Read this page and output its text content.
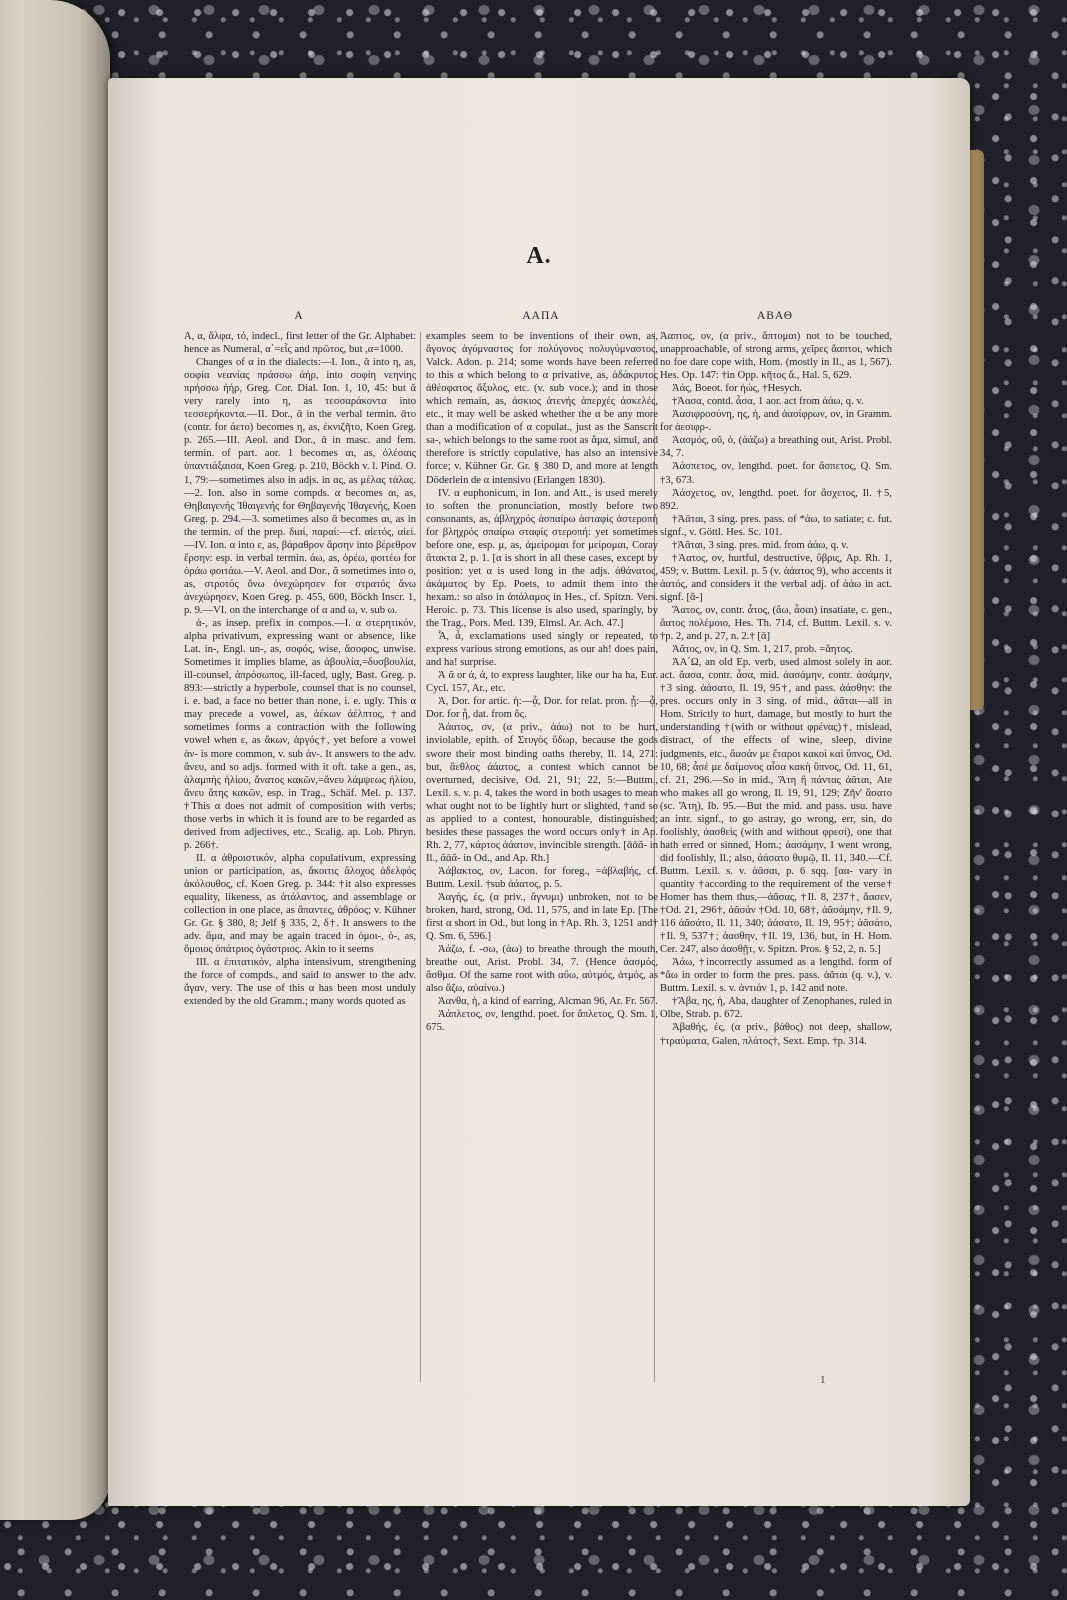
A.
A	ΑΑΠΑ	ΑΒΑΘ

Α, α, ἄλφα, τό, indecl., first letter of the Gr. Alphabet: hence as Numeral, α΄=εἷς and πρῶτος, but ,α=1000.

Changes of α in the dialects:—I. Ion., ᾱ into η, as, σοφία νεανίας πράσσω ἀήρ, into σοφίη νεηνίης πρήσσω ἠήρ, Greg. Cor. Dial. Ion. 1, 10, 45: but ᾰ very rarely into η, as τεσσαράκοντα into τεσσερήκοντα.—II. Dor., ᾱ in the verbal termin. ᾱτο (contr. for άετο) becomes η, as, ἐκνιζῆτο, Koen Greg. p. 265.—III. Aeol. and Dor., ᾱ in masc. and fem. termin. of part. aor. 1 becomes αι, as, ὀλέσαις ὑπαντιάξαισα, Koen Greg. p. 210, Böckh v. l. Pind. O. 1, 79:—sometimes also in adjs. in ας, as μέλας τάλας.—2. Ion. also in some compds. α becomes αι, as, Θηβαιγενής Ἰθαιγενής for Θηβαγενής Ἰθαγενής, Koen Greg. p. 294.—3. sometimes also ᾱ becomes αι, as in the termin. of the prep. διαί, παραί:—cf. αἰετός, αἰεί.—IV. Ion. α into ε, as, βάραθρον ἄρσην into βέρεθρον ἔρσην: esp. in verbal termin. άω, as, ὁρέω, φοιτέω for ὁράω φοιτάω.—V. Aeol. and Dor., ᾰ sometimes into ο, as, στροτός ὄνω ὀνεχώρησεν for στρατός ἄνω ἀνεχώρησεν, Koen Greg. p. 455, 600, Böckh Inscr. 1, p. 9.—VI. on the interchange of α and ω, v. sub ω.

ἀ-, as insep. prefix in compos.—I. α στερητικόν, alpha privativum, expressing want or absence, like Lat. in-, Engl. un-, as, σοφός, wise, ἄσοφος, unwise. Sometimes it implies blame, as ἀβουλία,=δυσβουλία, ill-counsel, ἀπρόσωπος, ill-faced, ugly, Bast. Greg. p. 893:—strictly a hyperbole, counsel that is no counsel, i. e. bad, a face no better than none, i. e. ugly. This α may precede a vowel, as, ἀέκων ἀέλπτος, †and sometimes forms a contraction with the following vowel when ε, as ἄκων, ἀργός†, yet before a vowel ἀν- is more common, v. sub ἀν-. It answers to the adv. ἄνευ, and so adjs. formed with it oft. take a gen., as, ἀλαμπὴς ἡλίου, ἄνατος κακῶν,=ἄνευ λάμψεως ἡλίου, ἄνευ ἄτης κακῶν, esp. in Trag., Schäf. Mel. p. 137. †This α does not admit of composition with verbs; those verbs in which it is found are to be regarded as derived from adjectives, etc., Scalig. ap. Lob. Phryn. p. 266†.

II. α ἀθροιστικόν, alpha copulativum, expressing union or participation, as, ἄκοιτις ἄλοχος ἀδελφός ἀκόλουθος, cf. Koen Greg. p. 344: †it also expresses equality, likeness, as ἀτάλαντος, and assemblage or collection in one place, as ἅπαντες, ἀθρόος; v. Kühner Gr. Gr. § 380, 8; Jelf § 335, 2, δ†. It answers to the adv. ἅμα, and may be again traced in ὁμοι-, ὁ-, as, ὅμοιος ὀπάτριος ὀγάστριος. Akin to it seems

III. α ἐπιτατικόν, alpha intensivum, strengthening the force of compds., and said to answer to the adv. ἄγαν, very. The use of this α has been most unduly extended by the old Gramm.; many words quoted as

examples seem to be inventions of their own, as, ἄγονος ἀγύμναστος for πολύγονος πολυγύμναστος, Valck. Adon. p. 214; some words have been referred to this α which belong to α privative, as, ἀδάκρυτος ἀθέσφατος ἄξυλος, etc. (v. sub voce.); and in those which remain, as, ἀσκιος ἀτενής ἀπερχές ἀσκελές, etc., it may well be asked whether the α be any more than a modification of α copulat., just as the Sanscrit sa-, which belongs to the same root as ἅμα, simul, and therefore is strictly copulative, has also an intensive force; v. Kühner Gr. Gr. § 380 D, and more at length Döderlein de α intensivo (Erlangen 1830).

IV. α euphonicum, in Ion. and Att., is used merely to soften the pronunciation, mostly before two consonants, as, ἀβληχρός ἀσπαίρω ἀσταφίς ἀστεροπή for βληχρός σπαίρω σταφίς στεροπή: yet sometimes before one, esp. μ, as, ἀμείρομαι for μείρομαι, Coray ἄτακτα 2, p. 1. [α is short in all these cases, except by position: yet α is used long in the adjs. ἀθάνατος, ἀκάματος by Ep. Poets, to admit them into the hexam.: so also in ἀπάλαμος in Hes., cf. Spitzn. Vers. Heroic. p. 73. This license is also used, sparingly, by the Trag., Pors. Med. 139, Elmsl. Ar. Ach. 47.]

Ἆ, ἆ, exclamations used singly or repeated, to express various strong emotions, as our ah! does pain, and ha! surprise.

Ἀ ᾶ or ἀ, ἀ, to express laughter, like our ha ha, Eur. Cycl. 157, Ar., etc.

Ἁ, Dor. for artic. ἡ:—ᾇ, Dor. for relat. pron. ᾗ:—ᾇ, Dor. for ᾗ, dat. from ὅς.

Ἀάατος, ον, (α priv., ἀάω) not to be hurt, inviolable, epith. of Στυγὸς ὕδωρ, because the gods swore their most binding oaths thereby, Il. 14, 271: but, ἄεθλος ἀάατος, a contest which cannot be overturned, decisive, Od. 21, 91; 22, 5:—Buttm., Lexil. s. v. p. 4, takes the word in both usages to mean what ought not to be lightly hurt or slighted, †and so as applied to a contest, honourable, distinguished; besides these passages the word occurs only† in Ap. Rh. 2, 77, κάρτος ἀάατον, invincible strength. [ᾱᾱᾰ- in Il., ᾰᾱᾰ- in Od., and Ap. Rh.]

Ἀάβακτος, ον, Lacon. for foreg., =ἀβλαβής, cf. Buttm. Lexil. †sub ἀάατος, p. 5.

Ἀαγής, ές, (α priv., ἄγνυμι) unbroken, not to be broken, hard, strong, Od. 11, 575, and in late Ep. [The first α short in Od., but long in †Ap. Rh. 3, 1251 and† Q. Sm. 6, 596.]

Ἀάζω, f. -σω, (ἀω) to breathe through the mouth, breathe out, Arist. Probl. 34, 7. (Hence ἀασμός, ἄσθμα. Of the same root with αὔω, αὐτμός, ἀτμός, as also ἄζω, αὐαίνω.)

Ἀανθα, ἡ, a kind of earring, Alcman 96, Ar. Fr. 567.

Ἀάπλετος, ον, lengthd. poet. for ἄπλετος, Q. Sm. 1, 675.

Ἀαπτος, ον, (α priv., ἅπτομαι) not to be touched, unapproachable, of strong arms, χεῖρες ἄαπτοι, which no foe dare cope with, Hom. (mostly in Il., as 1, 567). Hes. Op. 147: †in Opp. κῆτος ἄ., Hal. 5, 629.

Ἀάς, Boeot. for ἠώς, †Hesych.

†Ἀασα, contd. ἆσα, 1 aor. act from ἀάω, q. v.

Ἀασιφροσύνη, ης, ἡ, and ἀασίφρων, ον, in Gramm. for ἀεσιφρ-.

Ἀασμός, οῦ, ὁ, (ἀάζω) a breathing out, Arist. Probl. 34, 7.

Ἀάσπετος, ον, lengthd. poet. for ἄσπετος, Q. Sm. †3, 673.

Ἀάσχετος, ον, lengthd. poet. for ἄσχετος, Il. †5, 892.

†Ἀᾶται, 3 sing. pres. pass. of *ἀω, to satiate; c. fut. signf., v. Göttl. Hes. Sc. 101.

†Ἀᾶται, 3 sing. pres. mid. from ἀάω, q. v.

†Ἀατος, ον, hurtful, destructive, ὕβρις, Ap. Rh. 1, 459; v. Buttm. Lexil. p. 5 (v. ἀάατος 9), who accents it ἀατός, and considers it the verbal adj. of ἀάω in act. signf. [ᾰ-]

Ἄατος, ον, contr. ἆτος, (ἄω, ἆσαι) insatiate, c. gen., ἄατος πολέμοιο, Hes. Th. 714, cf. Buttm. Lexil. s. v. †p. 2, and p. 27, n. 2.† [ᾱ]

Ἀᾶτος, ον, in Q. Sm. 1, 217, prob. =ἄητος.

ἈΑ΄Ω, an old Ep. verb, used almost solely in aor. act. ἄασα, contr. ἆσα, mid. ἀασάμην, contr. ἀσάμην, †3 sing. ἀάσατο, Il. 19, 95†, and pass. ἀάσθην: the pres. occurs only in 3 sing. of mid., ἀᾶται—all in Hom. Strictly to hurt, damage, but mostly to hurt the understanding †(with or without φρένας)†, mislead, distract, of the effects of wine, sleep, divine judgments, etc., ἄασάν με ἕταροι κακοὶ καὶ ὕπνος, Od. 10, 68; ἆσέ με δαίμονος αἶσα κακὴ ὕπνος, Od. 11, 61, cf. 21, 296.—So in mid., Ἄτη ἣ πάντας ἀᾶται, Ate who makes all go wrong, Il. 19, 91, 129; Ζῆν' ἄσατο (sc. Ἄτη), Ib. 95.—But the mid. and pass. usu. have an intr. signf., to go astray, go wrong, err, sin, do foolishly, ἀασθεὶς (with and without φρεσί), one that hath erred or sinned, Hom.; ἀασάμην, I went wrong, did foolishly, Il.; also, ἀάσατο θυμῷ, Il. 11, 340.—Cf. Buttm. Lexil. s. v. ἀᾶσαι, p. 6 sqq. [αα- vary in quantity †according to the requirement of the verse† Homer has them thus,—ἀᾶσας, †Il. 8, 237†, ἄασεν, †Od. 21, 296†, ἀᾶσάν †Od. 10, 68†, ἀᾶσάμην, †Il. 9, 116 ἀᾶσάτο, Il. 11, 340; ἀάσατο, Il. 19, 95†; ἀᾶσάτο, †Il. 9, 537†; ἀασθην, †Il. 19, 136, but, in H. Hom. Cer. 247, also ἀασθῇτ, v. Spitzn. Pros. § 52, 2, n. 5.]

Ἀάω, †incorrectly assumed as a lengthd. form of *ἄω in order to form the pres. pass. ἀᾶται (q. v.), v. Buttm. Lexil. s. v. ἀντιάν 1, p. 142 and note.

†Ἄβα, ης, ἡ, Aba, daughter of Zenophanes, ruled in Olbe, Strab. p. 672.

Ἀβαθής, ές, (α priv., βάθος) not deep, shallow, †τραύματα, Galen, πλάτος†, Sext. Emp. †p. 314.

1
